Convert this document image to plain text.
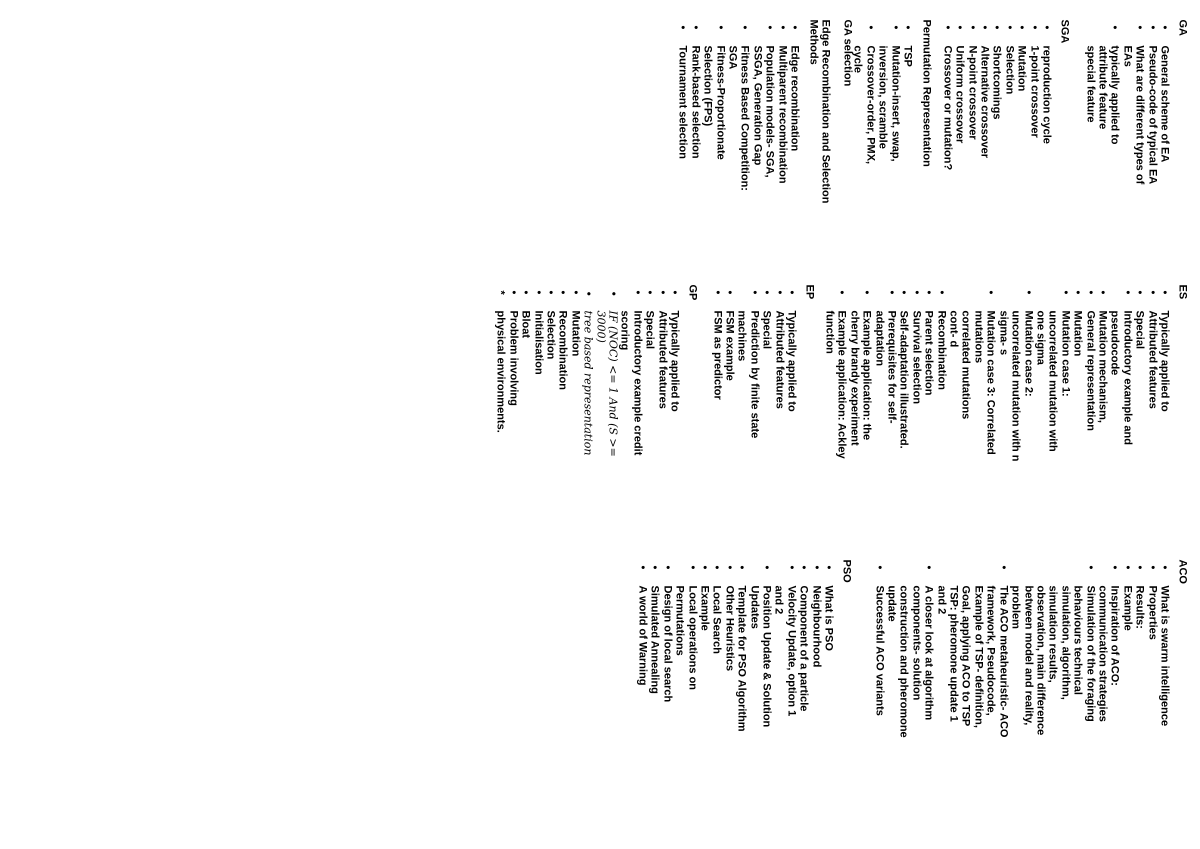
GA
• General scheme of EA
• Pseudo-code of typical EA
• What are different types of
EAs
• typically applied to
attribute feature
special feature
SGA
• reproduction cycle
• 1-point crossover
• Mutation
• Selection
• Shortcomings
• Alternative crossover
• N-point crossover
• Uniform crossover
• Crossover or mutation?
Permutation Representation
• TSP
• Mutation-insert, swap,
inversion, scramble
• Crossover-order, PMX, cycle
GA selection
Edge Recombination and Selection
Methods
• Edge recombination
• Multiparent recombination
• Population models- SGA,
SSGA, Generation Gap
• Fitness Based Competition:
SGA
• Fitness-Proportionate
Selection (FPS)
• Rank-based selection
• Tournament selection
ES
• Typically applied to
• Attributed features
• Special
• Introductory example and
pseudocode
• Mutation mechanism,
• General representation
• Mutation
• Mutation case 1:
uncorrelated mutation with
one sigma
• Mutation case 2:
uncorrelated mutation with n
sigma- s
• Mutation case 3: Correlated
mutations
correlated mutations
cont- d
• Recombination
• Parent selection
• Survival selection
• Self-adaptation illustrated.
• Prerequisites for self-
adaptation
• Example application: the
cherry brandy experiment
• Example application: Ackley
function
EP
• Typically applied to
• Attributed features
• Special
• Prediction by finite state
machines
• FSM example
• FSM as predictor
GP
• Typically applied to
• Attributed features
• Special
• Introductory example credit
scoring
• IF (NOC) <= 1 And (S >=
3000)
• tree based representation
• Mutation
• Recombination
• Selection
• Initialisation
• Bloat
• Problem involving
* physical environments.
ACO
• What is swarm intelligence
• Properties
• Results:
• Example
• Inspiration of ACO:
communication strategies
• Simulation of the foraging
behaviours technical
simulation, algorithm,
simulation results,
observation, main difference
between model and reality,
problem
• The ACO metaheuristic- ACO
framework, Pseudocode,
Example of TSP- definition,
Goal, applying ACO to TSP
TSP: pheromone update 1
and 2
• A closer look at algorithm
components- solution
construction and pheromone
update
• Successful ACO variants
PSO
• What is PSO
• Neighbourhood
• Component of a particle
• Velocity Update, option 1
and 2
• Position Update & Solution
Updates
• Template for PSO Algorithm
• Other Heuristics
• Local Search
• Example
• Local operations on
Permutations
• Design of local search
• Simulated Annealing
• A world of Warning
